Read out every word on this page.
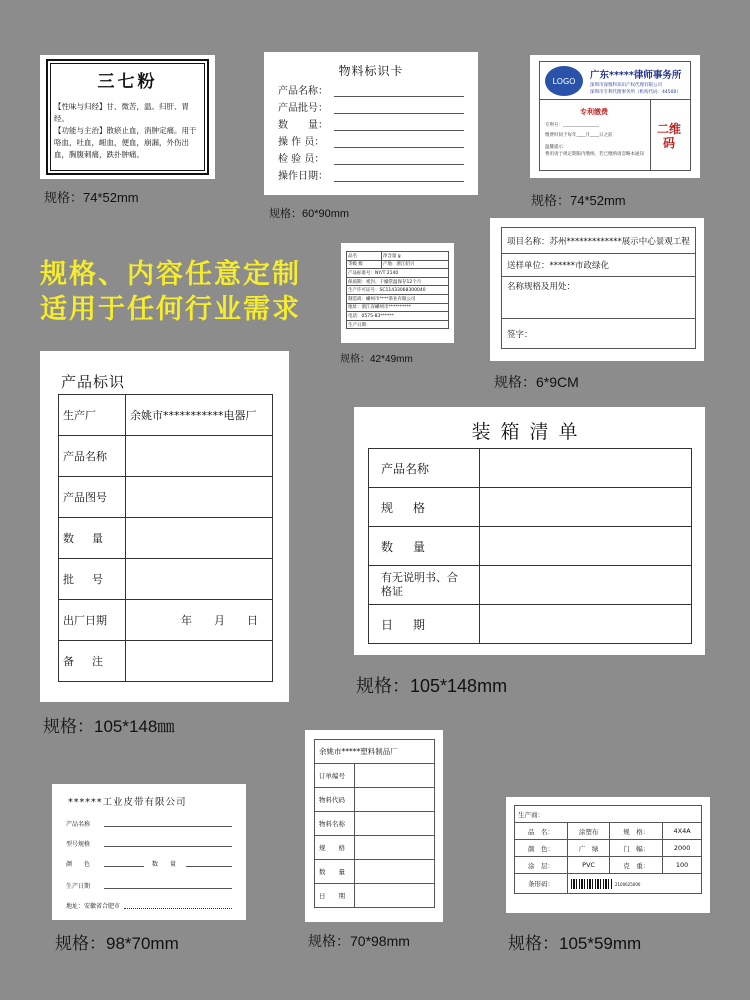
三七粉
【性味与归经】甘、微苦，温。归肝、胃经。
【功能与主治】散瘀止血，消肿定痛。用于咯血，吐血，衄血，便血，崩漏，外伤出血，胸腹刺痛，跌扑肿痛。
规格：74*52mm
物料标识卡
产品名称：
产品批号：
数　　量：
操 作 员：
检 验 员：
操作日期：
规格：60*90mm
LOGO	广东*****律师事务所
深圳市深慎科知识产权代理有限公司
深圳市专利代理事务所（机构代码：44500）
专利缴费
专利号：________________
缴费时间于每年____月____日之前
温馨提示：
费用请于规定期限内缴纳，若已缴纳请忽略本通知
二维码
规格：74*52mm
规格、内容任意定制
适用于任何行业需求
品名	净含量 g
等级 级	产地：浙江绍兴
产品标准号：NY/T 2140	
保质期：密封、干燥常温保存12个月	
生产许可证号：SC11433068300040	
制造商：嵊州市****茶业有限公司	
地址：浙江省嵊州市**********	
电话：0575-83******	
生产日期：	
规格：42*49mm
项目名称：苏州*************展示中心景观工程
送样单位：******市政绿化
名称规格及用处：
签字：
规格：6*9CM
产品标识
生产厂	余姚市***********电器厂
产品名称	
产品图号	
数量	
批号	
出厂日期	年　　月　　日
备注	
规格：105*148㎜
装箱清单
产品名称	
规格	
数量	
有无说明书、合格证	
日期	
规格：105*148mm
******工业皮带有限公司
产品名称
型号规格
颜　　色	数　　量
生产日期
地址：安徽省合肥市
规格：98*70mm
余姚市*****塑料制品厂	
订单编号	
物料代码	
物料名称	
规　　格	
数　　量	
日　　期	
规格：70*98mm
生产商：			
品　名：	涂塑布	规　格：	4X4A
颜　色：	广　绿	门　幅：	2000
涂　层：	PVC	克　重：	100
条形码：	2100625006		
规格：105*59mm
